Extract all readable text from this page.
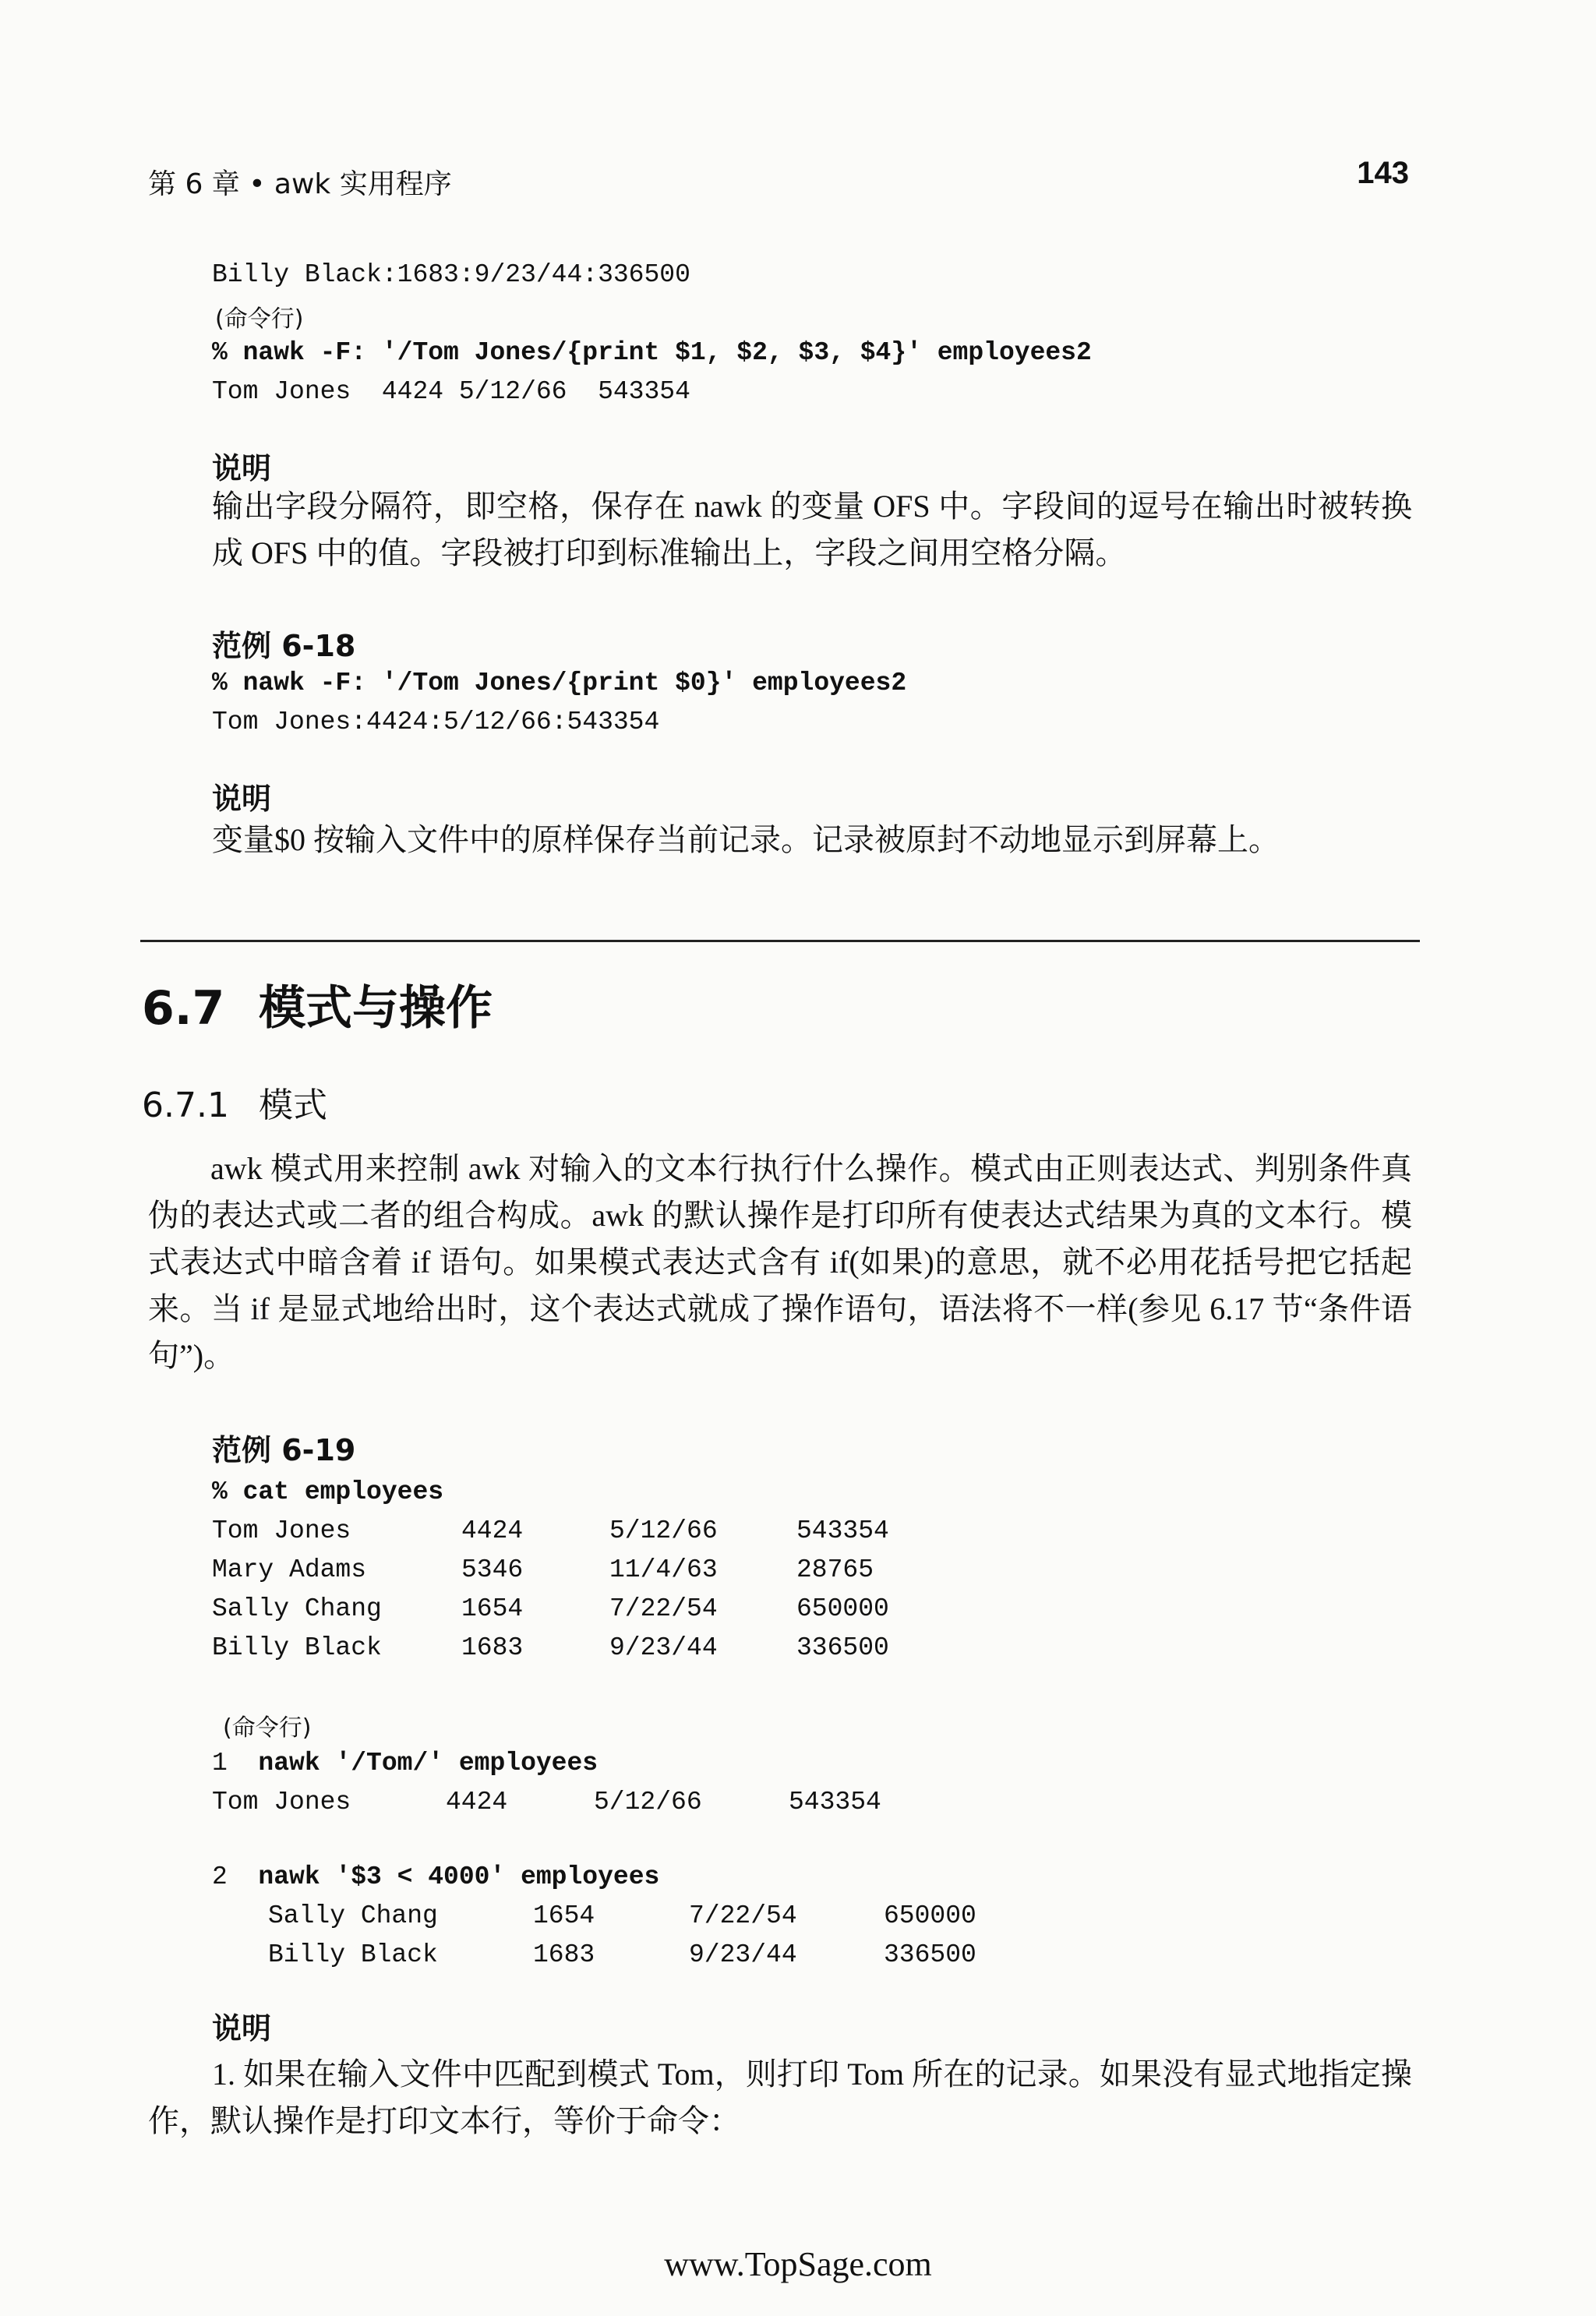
第 6 章 • awk 实用程序	143
Billy Black:1683:9/23/44:336500
(命令行)
% nawk -F: '/Tom Jones/{print $1, $2, $3, $4}' employees2
Tom Jones  4424 5/12/66  543354
说明
输出字段分隔符，即空格，保存在 nawk 的变量 OFS 中。字段间的逗号在输出时被转换成 OFS 中的值。字段被打印到标准输出上，字段之间用空格分隔。
范例 6-18
% nawk -F: '/Tom Jones/{print $0}' employees2
Tom Jones:4424:5/12/66:543354
说明
变量$0 按输入文件中的原样保存当前记录。记录被原封不动地显示到屏幕上。
6.7 模式与操作
6.7.1 模式
awk 模式用来控制 awk 对输入的文本行执行什么操作。模式由正则表达式、判别条件真伪的表达式或二者的组合构成。awk 的默认操作是打印所有使表达式结果为真的文本行。模式表达式中暗含着 if 语句。如果模式表达式含有 if(如果)的意思，就不必用花括号把它括起来。当 if 是显式地给出时，这个表达式就成了操作语句，语法将不一样(参见 6.17 节“条件语句”)。
范例 6-19
% cat employees
Tom Jones	4424	5/12/66	543354
Mary Adams	5346	11/4/63	28765
Sally Chang	1654	7/22/54	650000
Billy Black	1683	9/23/44	336500
(命令行)
1 nawk '/Tom/' employees
Tom Jones	4424	5/12/66	543354
2 nawk '$3 < 4000' employees
Sally Chang	1654	7/22/54	650000
Billy Black	1683	9/23/44	336500
说明
1. 如果在输入文件中匹配到模式 Tom，则打印 Tom 所在的记录。如果没有显式地指定操作，默认操作是打印文本行，等价于命令：
www.TopSage.com
